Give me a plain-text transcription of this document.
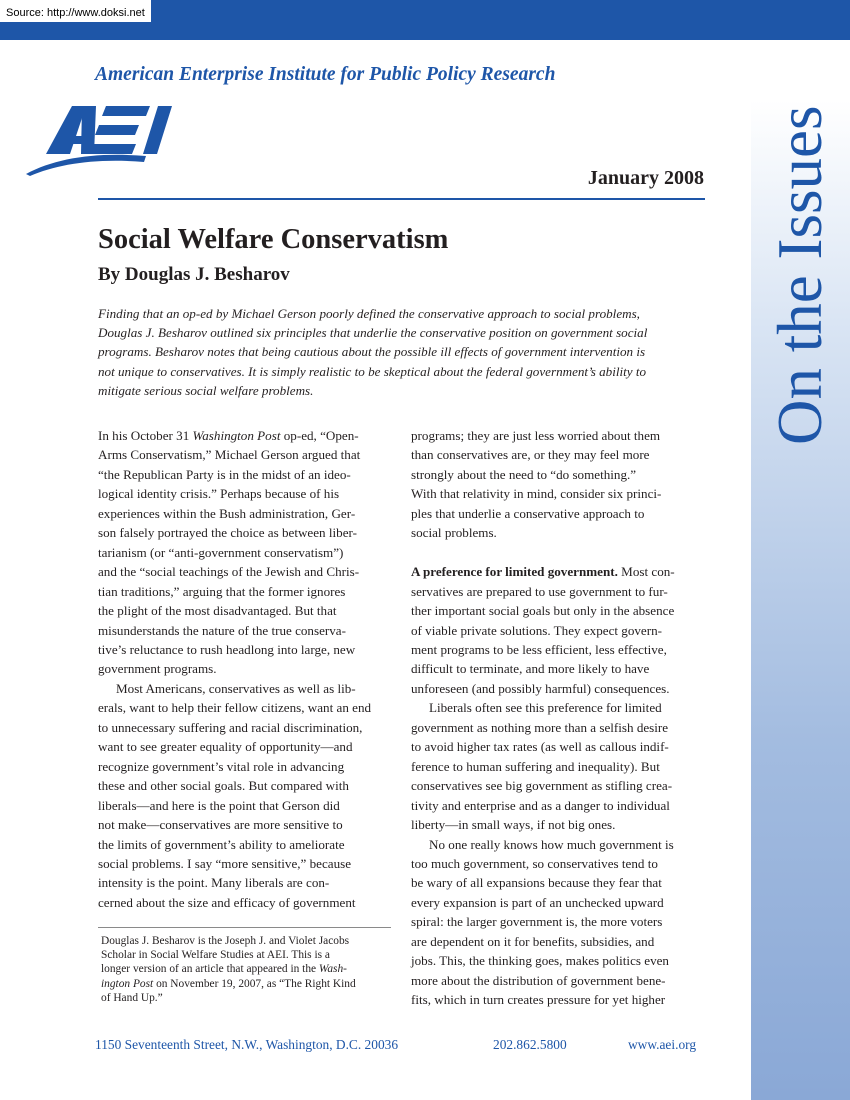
Source: http://www.doksi.net
On the Issues
American Enterprise Institute for Public Policy Research
January 2008
Social Welfare Conservatism
By Douglas J. Besharov
Finding that an op-ed by Michael Gerson poorly defined the conservative approach to social problems,
Douglas J. Besharov outlined six principles that underlie the conservative position on government social
programs. Besharov notes that being cautious about the possible ill effects of government intervention is
not unique to conservatives. It is simply realistic to be skeptical about the federal government’s ability to
mitigate serious social welfare problems.
In his October 31 Washington Post op-ed, “Open-
Arms Conservatism,” Michael Gerson argued that
“the Republican Party is in the midst of an ideo-
logical identity crisis.” Perhaps because of his
experiences within the Bush administration, Ger-
son falsely portrayed the choice as between liber-
tarianism (or “anti-government conservatism”)
and the “social teachings of the Jewish and Chris-
tian traditions,” arguing that the former ignores
the plight of the most disadvantaged. But that
misunderstands the nature of the true conserva-
tive’s reluctance to rush headlong into large, new
government programs.
Most Americans, conservatives as well as lib-
erals, want to help their fellow citizens, want an end
to unnecessary suffering and racial discrimination,
want to see greater equality of opportunity—and
recognize government’s vital role in advancing
these and other social goals. But compared with
liberals—and here is the point that Gerson did
not make—conservatives are more sensitive to
the limits of government’s ability to ameliorate
social problems. I say “more sensitive,” because
intensity is the point. Many liberals are con-
cerned about the size and efficacy of government
programs; they are just less worried about them
than conservatives are, or they may feel more
strongly about the need to “do something.”
With that relativity in mind, consider six princi-
ples that underlie a conservative approach to
social problems.
A preference for limited government. Most con-
servatives are prepared to use government to fur-
ther important social goals but only in the absence
of viable private solutions. They expect govern-
ment programs to be less efficient, less effective,
difficult to terminate, and more likely to have
unforeseen (and possibly harmful) consequences.
Liberals often see this preference for limited
government as nothing more than a selfish desire
to avoid higher tax rates (as well as callous indif-
ference to human suffering and inequality). But
conservatives see big government as stifling crea-
tivity and enterprise and as a danger to individual
liberty—in small ways, if not big ones.
No one really knows how much government is
too much government, so conservatives tend to
be wary of all expansions because they fear that
every expansion is part of an unchecked upward
spiral: the larger government is, the more voters
are dependent on it for benefits, subsidies, and
jobs. This, the thinking goes, makes politics even
more about the distribution of government bene-
fits, which in turn creates pressure for yet higher
Douglas J. Besharov is the Joseph J. and Violet Jacobs
Scholar in Social Welfare Studies at AEI. This is a
longer version of an article that appeared in the Wash-
ington Post on November 19, 2007, as “The Right Kind
of Hand Up.”
1150 Seventeenth Street, N.W., Washington, D.C. 20036	202.862.5800	www.aei.org
